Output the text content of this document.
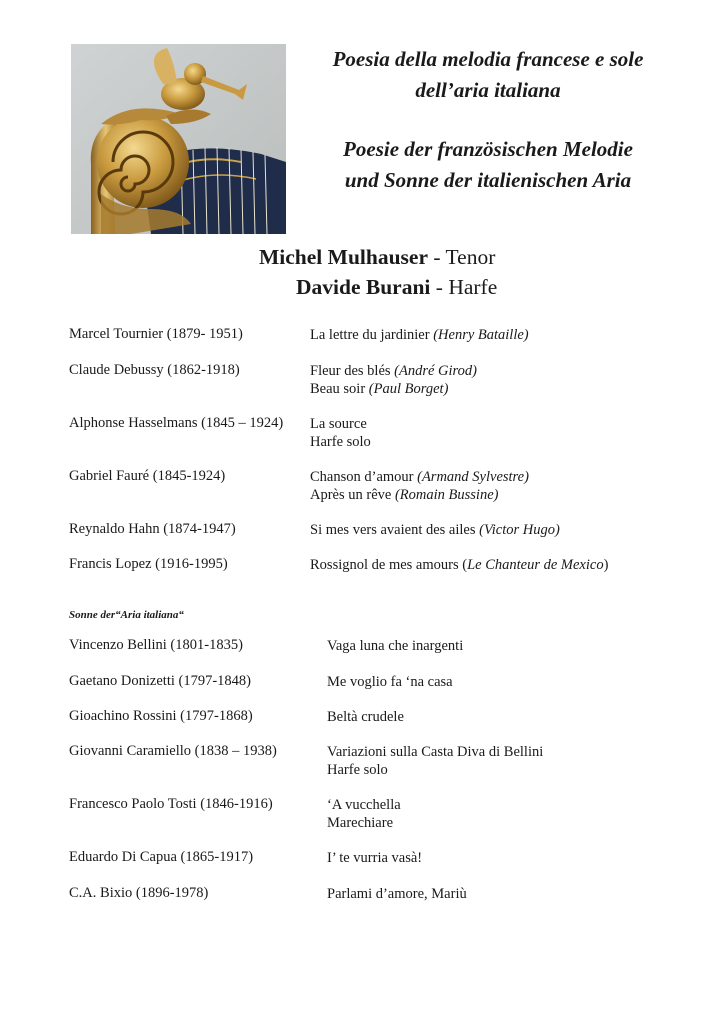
Poesia della melodia francese e sole
dell’aria italiana
Poesie der französischen Melodie
und Sonne der italienischen Aria
Michel Mulhauser - Tenor
Davide Burani - Harfe
Marcel Tournier (1879- 1951)	La lettre du jardinier (Henry Bataille)
Claude Debussy (1862-1918)	Fleur des blés (André Girod)
Beau soir (Paul Borget)
Alphonse Hasselmans (1845 – 1924) La source
Harfe solo
Gabriel Fauré (1845-1924)	Chanson d’amour (Armand Sylvestre)
Après un rêve (Romain Bussine)
Reynaldo Hahn (1874-1947)	Si mes vers avaient des ailes (Victor Hugo)
Francis Lopez (1916-1995)	Rossignol de mes amours (Le Chanteur de Mexico)
Sonne der“Aria italiana“
Vincenzo Bellini (1801-1835)	Vaga luna che inargenti
Gaetano Donizetti (1797-1848)	Me voglio fa ‘na casa
Gioachino Rossini (1797-1868)	Beltà crudele
Giovanni Caramiello (1838 – 1938)	Variazioni sulla Casta Diva di Bellini
Harfe solo
Francesco Paolo Tosti (1846-1916)	‘A vucchella
Marechiare
Eduardo Di Capua (1865-1917)	I’ te vurria vasà!
C.A. Bixio (1896-1978)	Parlami d’amore, Mariù
